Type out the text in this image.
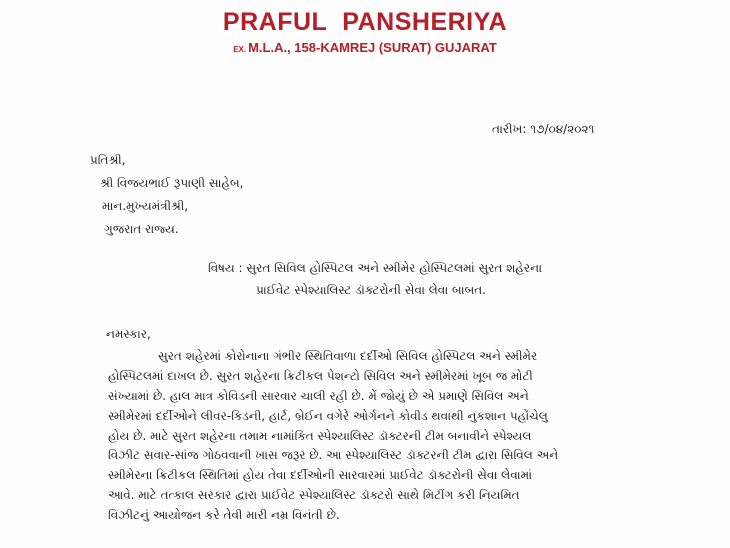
PRAFUL PANSHERIYA
EX. M.L.A., 158-KAMREJ (SURAT) GUJARAT
તારીખ: ૧૭/૦૪/૨૦૨૧
પ્રતિશ્રી,
શ્રી વિજયભાઈ રૂપાણી સાહેબ,
માન.મુખ્યમંત્રીશ્રી,
ગુજરાત રાજ્ય.
વિષય : સુરત સિવિલ હોસ્પિટલ અને સ્મીમેર હોસ્પિટલમાં સુરત શહેરના
પ્રાઈવેટ સ્પેશ્યાલિસ્ટ ડૉક્ટરોની સેવા લેવા બાબત.
નમસ્કાર,
સુરત શહેરમાં કોરોનાના ગંભીર સ્થિતિવાળા દર્દીઓ સિવિલ હોસ્પિટલ અને સ્મીમેર
હોસ્પિટલમાં દાખલ છે. સુરત શહેરના ક્રિટીકલ પેશન્ટો સિવિલ અને સ્મીમેરમાં ખૂબ જ મોટી
સંખ્યામાં છે. હાલ માત્ર કોવિડની સારવાર ચાલી રહી છે. મેં જોયું છે એ પ્રમાણે સિવિલ અને
સ્મીમેરમાં દર્દીઓને લીવર-કિડની, હાર્ટ, બ્રેઈન વગેરે ઓર્ગનને કોવીડ થવાથી નુકશાન પહોંચેલુ
હોય છે. માટે સુરત શહેરના તમામ નામાંકિત સ્પેશ્યાલિસ્ટ ડૉક્ટરની ટીમ બનાવીને સ્પેશ્યલ
વિઝીટ સવાર-સાંજ ગોઠવવાની ખાસ જરૂર છે. આ સ્પેશ્યાલિસ્ટ ડૉક્ટરની ટીમ દ્વારા સિવિલ અને
સ્મીમેરના ક્રિટીકલ સ્થિતિમાં હોય તેવા દર્દીઓની સારવારમાં પ્રાઈવેટ ડૉક્ટરોની સેવા લેવામાં
આવે. માટે તત્કાલ સરકાર દ્વારા પ્રાઈવેટ સ્પેશ્યાલિસ્ટ ડૉક્ટરો સાથે મિટીંગ કરી નિયમિત
વિઝીટનું આયોજન કરે તેવી મારી નમ્ર વિનંતી છે.
